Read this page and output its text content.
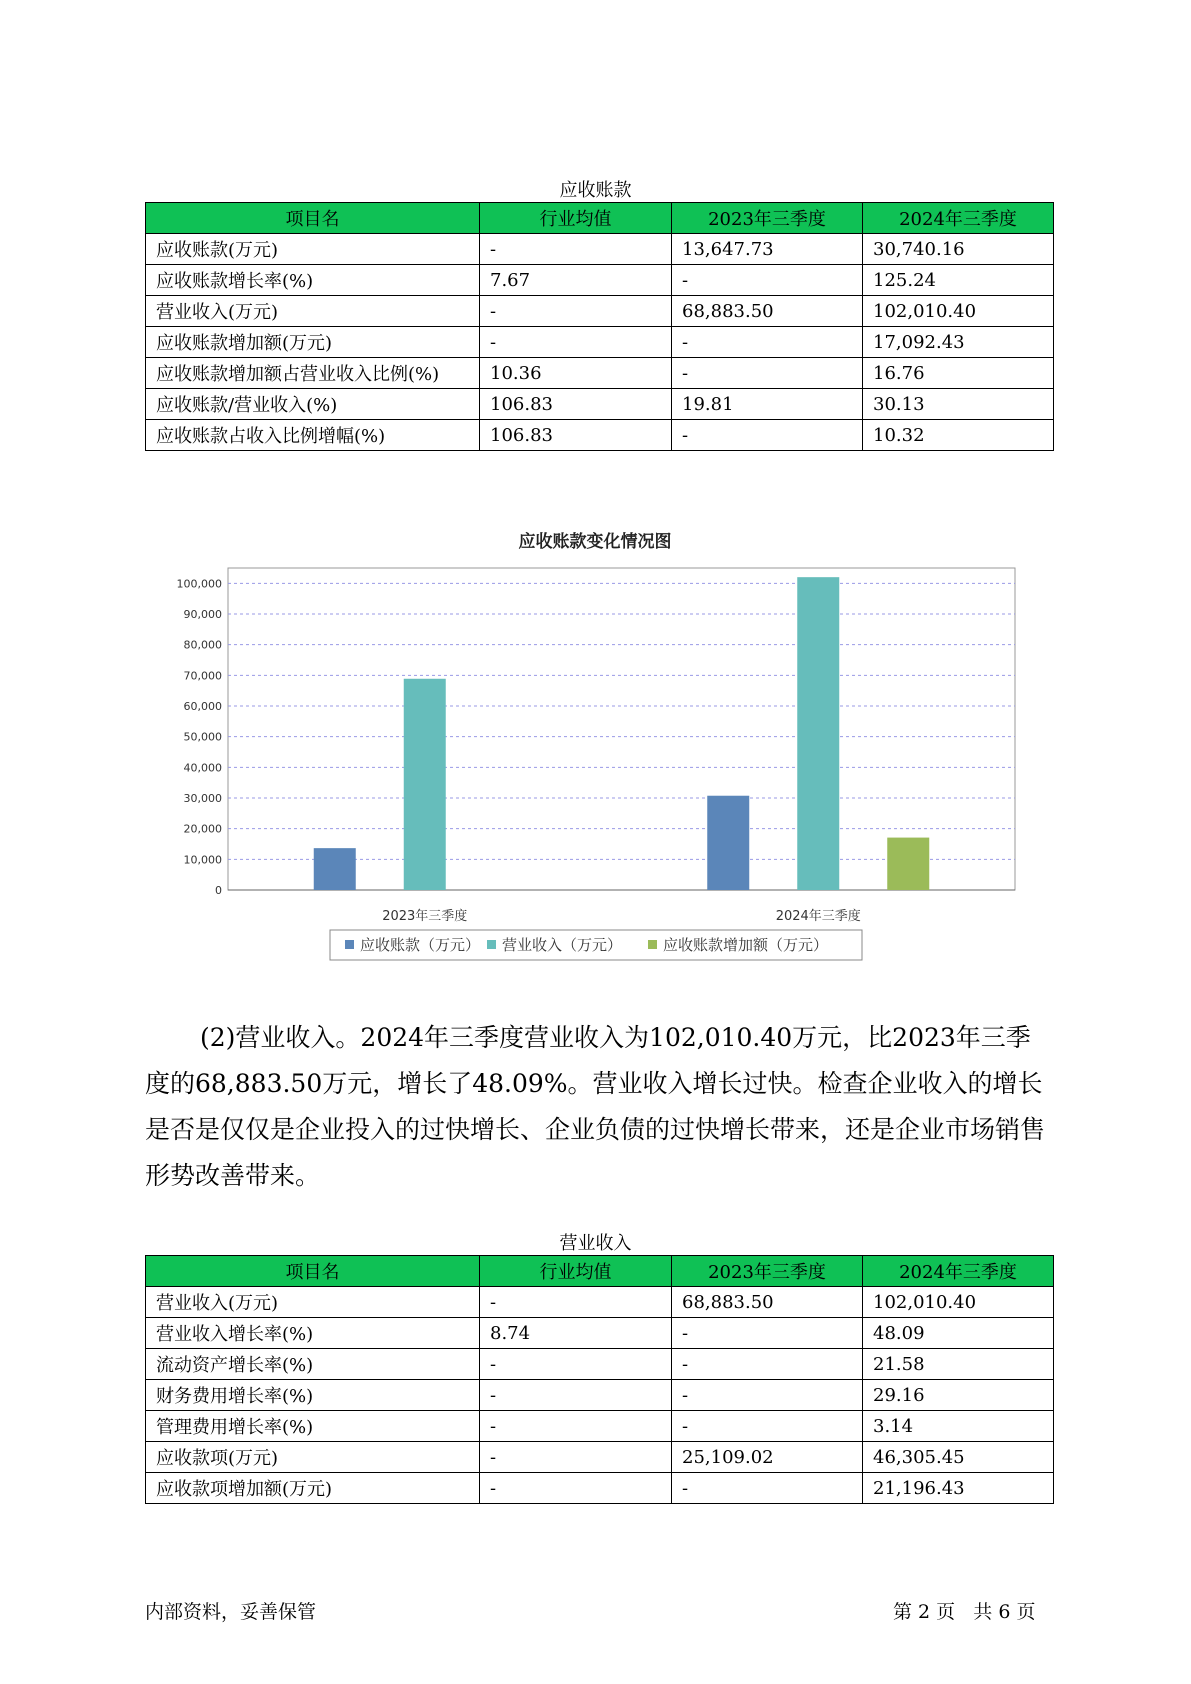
应收账款
项目名	行业均值	2023年三季度	2024年三季度
应收账款(万元)	-	13,647.73	30,740.16
应收账款增长率(%)	7.67	-	125.24
营业收入(万元)	-	68,883.50	102,010.40
应收账款增加额(万元)	-	-	17,092.43
应收账款增加额占营业收入比例(%)	10.36	-	16.76
应收账款/营业收入(%)	106.83	19.81	30.13
应收账款占收入比例增幅(%)	106.83	-	10.32
应收账款变化情况图
0
10,000
20,000
30,000
40,000
50,000
60,000
70,000
80,000
90,000
100,000
2023年三季度	2024年三季度
应收账款（万元） 营业收入（万元）	应收账款增加额（万元）

(2)营业收入。2024年三季度营业收入为102,010.40万元，比2023年三季度的68,883.50万元，增长了48.09%。营业收入增长过快。检查企业收入的增长是否是仅仅是企业投入的过快增长、企业负债的过快增长带来，还是企业市场销售形势改善带来。

营业收入
项目名	行业均值	2023年三季度	2024年三季度
营业收入(万元)	-	68,883.50	102,010.40
营业收入增长率(%)	8.74	-	48.09
流动资产增长率(%)	-	-	21.58
财务费用增长率(%)	-	-	29.16
管理费用增长率(%)	-	-	3.14
应收款项(万元)	-	25,109.02	46,305.45
应收款项增加额(万元)	-	-	21,196.43
内部资料，妥善保管	第 2 页   共 6 页
